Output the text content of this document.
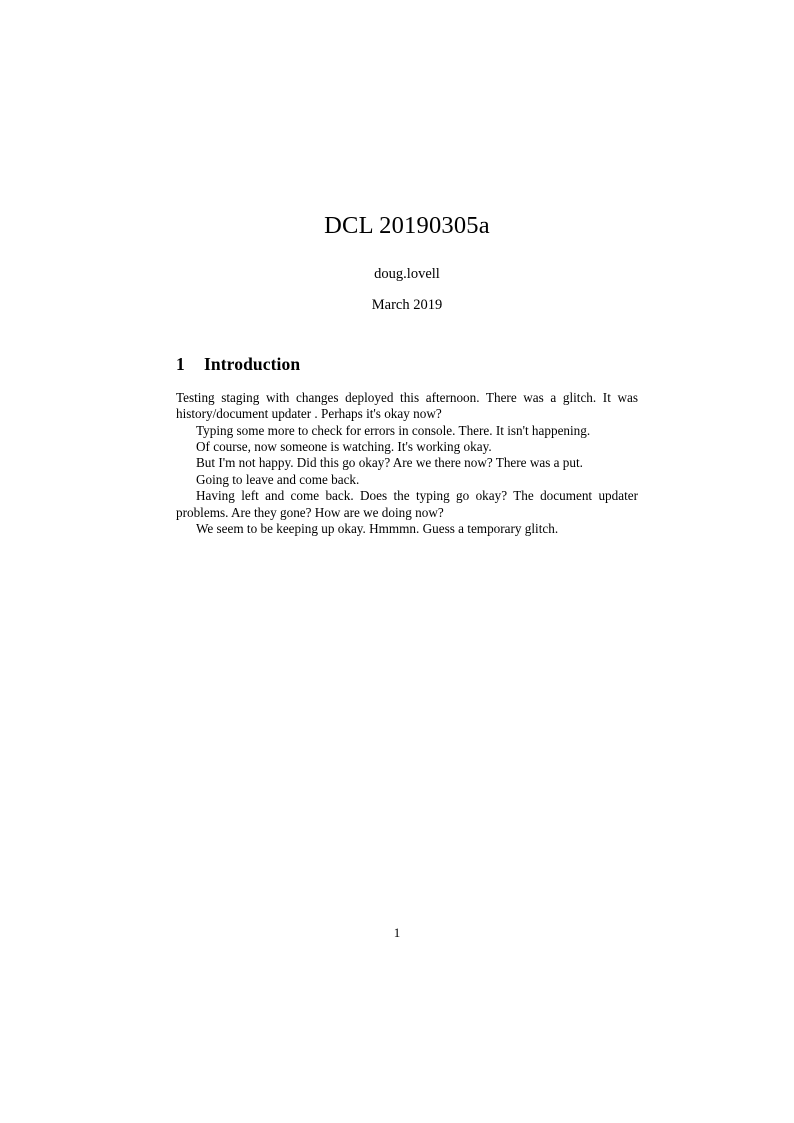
DCL 20190305a

doug.lovell

March 2019

1 Introduction

Testing staging with changes deployed this afternoon. There was a glitch. It was history/document updater . Perhaps it's okay now?

Typing some more to check for errors in console. There. It isn't happening.

Of course, now someone is watching. It's working okay.

But I'm not happy. Did this go okay? Are we there now? There was a put.

Going to leave and come back.

Having left and come back. Does the typing go okay? The document updater problems. Are they gone? How are we doing now?

We seem to be keeping up okay. Hmmmn. Guess a temporary glitch.

1
